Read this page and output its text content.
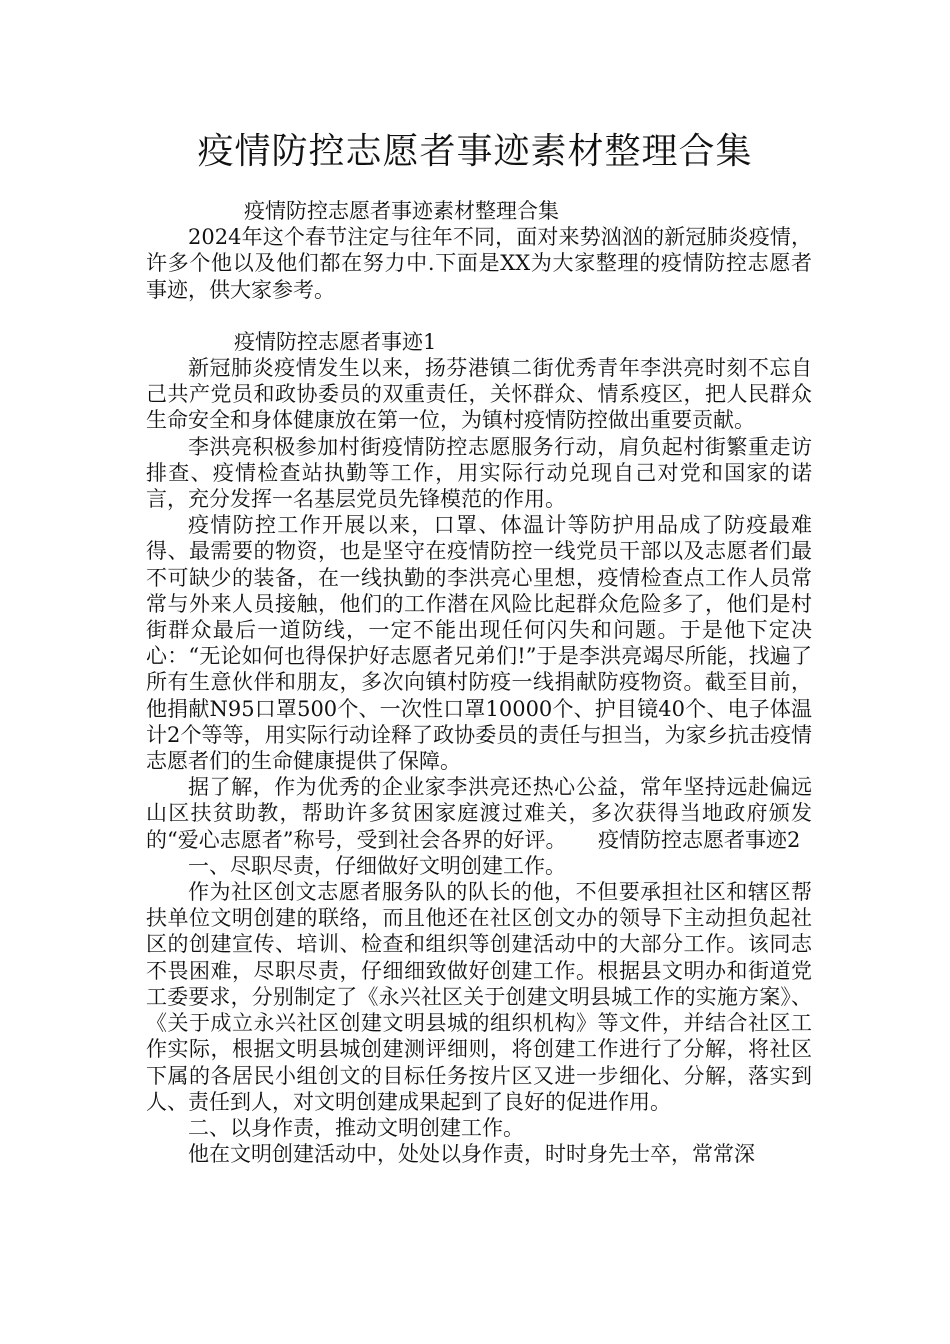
疫情防控志愿者事迹素材整理合集

疫情防控志愿者事迹素材整理合集

2024年这个春节注定与往年不同，面对来势汹汹的新冠肺炎疫情，许多个他以及他们都在努力中.下面是XX为大家整理的疫情防控志愿者事迹，供大家参考。

疫情防控志愿者事迹1

新冠肺炎疫情发生以来，扬芬港镇二街优秀青年李洪亮时刻不忘自己共产党员和政协委员的双重责任，关怀群众、情系疫区，把人民群众生命安全和身体健康放在第一位，为镇村疫情防控做出重要贡献。

李洪亮积极参加村街疫情防控志愿服务行动，肩负起村街繁重走访排查、疫情检查站执勤等工作，用实际行动兑现自己对党和国家的诺言，充分发挥一名基层党员先锋模范的作用。

疫情防控工作开展以来，口罩、体温计等防护用品成了防疫最难得、最需要的物资，也是坚守在疫情防控一线党员干部以及志愿者们最不可缺少的装备，在一线执勤的李洪亮心里想，疫情检查点工作人员常常与外来人员接触，他们的工作潜在风险比起群众危险多了，他们是村街群众最后一道防线，一定不能出现任何闪失和问题。于是他下定决心：“无论如何也得保护好志愿者兄弟们!”于是李洪亮竭尽所能，找遍了所有生意伙伴和朋友，多次向镇村防疫一线捐献防疫物资。截至目前，他捐献N95口罩500个、一次性口罩10000个、护目镜40个、电子体温计2个等等，用实际行动诠释了政协委员的责任与担当，为家乡抗击疫情志愿者们的生命健康提供了保障。

据了解，作为优秀的企业家李洪亮还热心公益，常年坚持远赴偏远山区扶贫助教，帮助许多贫困家庭渡过难关，多次获得当地政府颁发的“爱心志愿者”称号，受到社会各界的好评。　　疫情防控志愿者事迹2

一、尽职尽责，仔细做好文明创建工作。

作为社区创文志愿者服务队的队长的他，不但要承担社区和辖区帮扶单位文明创建的联络，而且他还在社区创文办的领导下主动担负起社区的创建宣传、培训、检查和组织等创建活动中的大部分工作。该同志不畏困难，尽职尽责，仔细细致做好创建工作。根据县文明办和街道党工委要求，分别制定了《永兴社区关于创建文明县城工作的实施方案》、《关于成立永兴社区创建文明县城的组织机构》等文件，并结合社区工作实际，根据文明县城创建测评细则，将创建工作进行了分解，将社区下属的各居民小组创文的目标任务按片区又进一步细化、分解，落实到人、责任到人，对文明创建成果起到了良好的促进作用。

二、以身作责，推动文明创建工作。

他在文明创建活动中，处处以身作责，时时身先士卒，常常深
